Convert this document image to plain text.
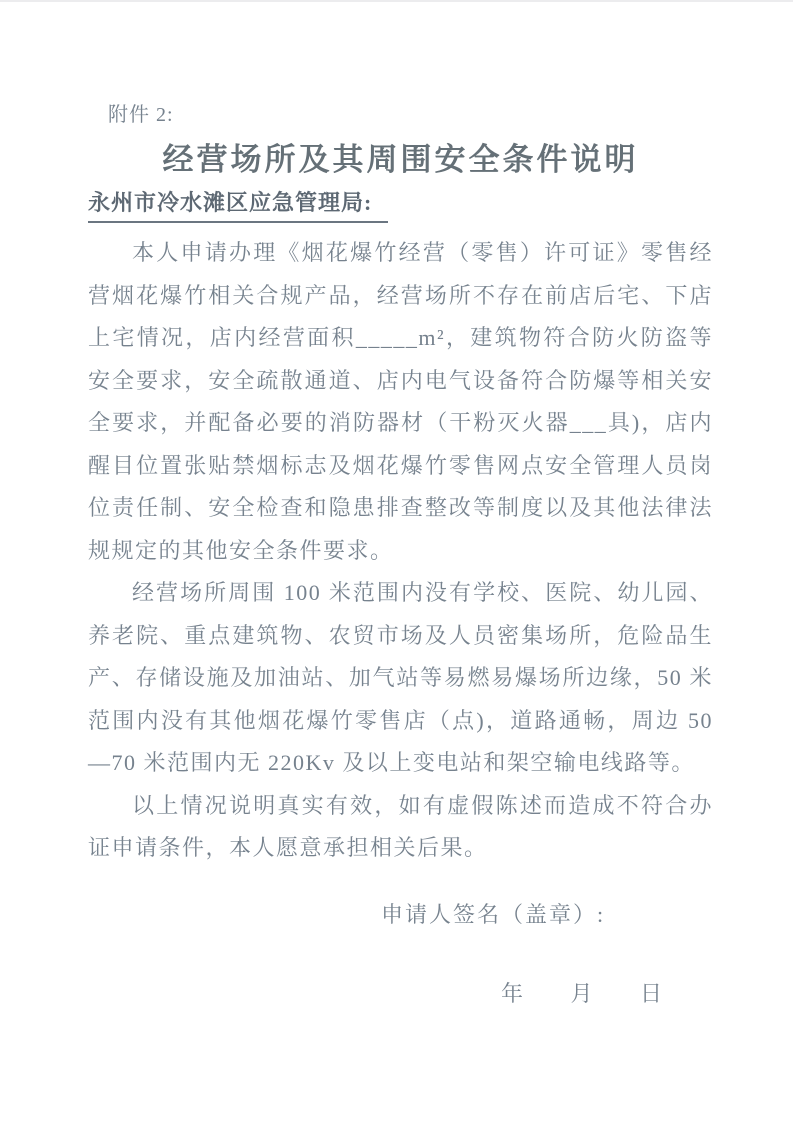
附件 2:
经营场所及其周围安全条件说明
永州市冷水滩区应急管理局:

本人申请办理《烟花爆竹经营（零售）许可证》零售经营烟花爆竹相关合规产品，经营场所不存在前店后宅、下店上宅情况，店内经营面积_____m²，建筑物符合防火防盗等安全要求，安全疏散通道、店内电气设备符合防爆等相关安全要求，并配备必要的消防器材（干粉灭火器___具)，店内醒目位置张贴禁烟标志及烟花爆竹零售网点安全管理人员岗位责任制、安全检查和隐患排查整改等制度以及其他法律法规规定的其他安全条件要求。

经营场所周围 100 米范围内没有学校、医院、幼儿园、养老院、重点建筑物、农贸市场及人员密集场所，危险品生产、存储设施及加油站、加气站等易燃易爆场所边缘，50 米范围内没有其他烟花爆竹零售店（点)，道路通畅，周边 50—70 米范围内无 220Kv 及以上变电站和架空输电线路等。

以上情况说明真实有效，如有虚假陈述而造成不符合办证申请条件，本人愿意承担相关后果。

申请人签名（盖章）:
年 月 日
